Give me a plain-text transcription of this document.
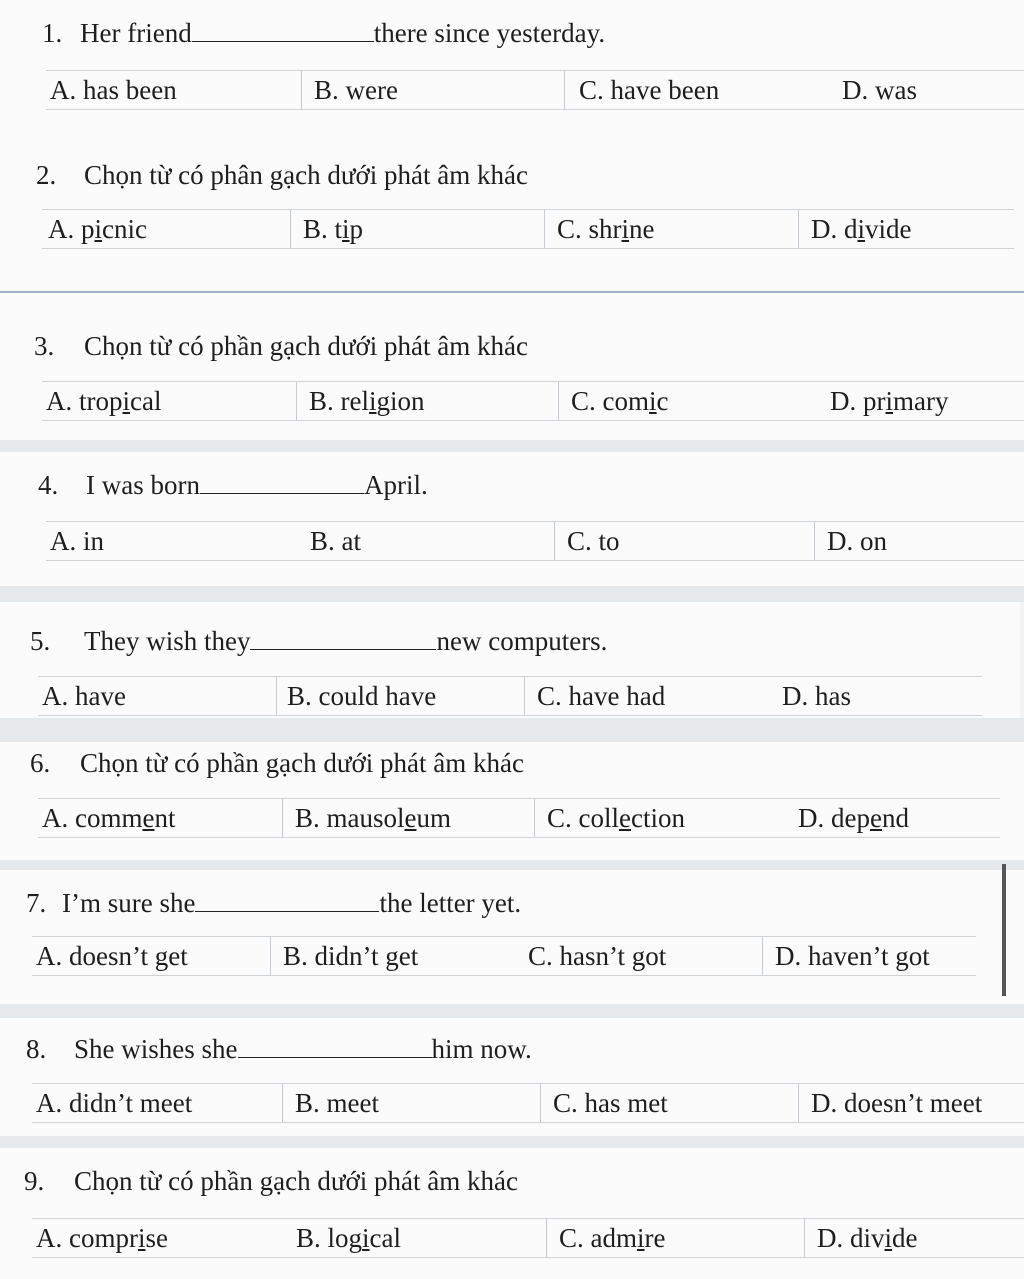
1. Her friend	there since yesterday.
A. has been	B. were	C. have been	D. was
2. Chọn từ có phân gạch dưới phát âm khác
A. picnic	B. tip	C. shrine	D. divide
3. Chọn từ có phần gạch dưới phát âm khác
A. tropical	B. religion	C. comic	D. primary
4. I was born	April.
A. in	B. at	C. to	D. on
5. They wish they	new computers.
A. have	B. could have	C. have had	D. has
6. Chọn từ có phần gạch dưới phát âm khác
A. comment	B. mausoleum	C. collection	D. depend
7. I’m sure she	the letter yet.
A. doesn’t get	B. didn’t get	C. hasn’t got	D. haven’t got
8. She wishes she	him now.
A. didn’t meet	B. meet	C. has met	D. doesn’t meet
9. Chọn từ có phần gạch dưới phát âm khác
A. comprise	B. logical	C. admire	D. divide
